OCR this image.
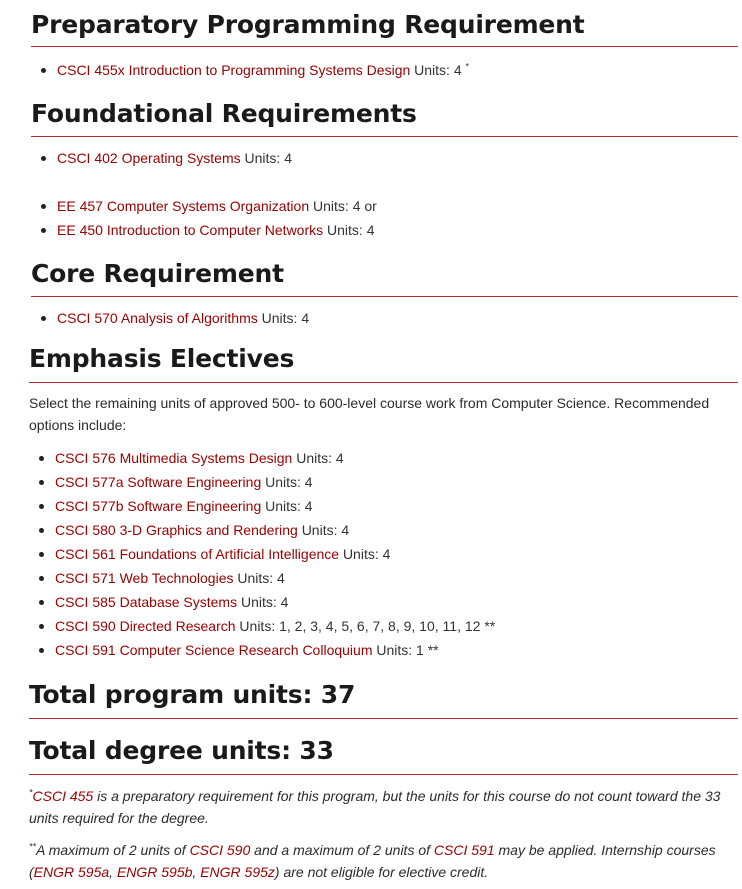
Preparatory Programming Requirement
CSCI 455x Introduction to Programming Systems Design Units: 4 *
Foundational Requirements
CSCI 402 Operating Systems Units: 4
EE 457 Computer Systems Organization Units: 4 or
EE 450 Introduction to Computer Networks Units: 4
Core Requirement
CSCI 570 Analysis of Algorithms Units: 4
Emphasis Electives

Select the remaining units of approved 500- to 600-level course work from Computer Science. Recommended options include:

CSCI 576 Multimedia Systems Design Units: 4
CSCI 577a Software Engineering Units: 4
CSCI 577b Software Engineering Units: 4
CSCI 580 3-D Graphics and Rendering Units: 4
CSCI 561 Foundations of Artificial Intelligence Units: 4
CSCI 571 Web Technologies Units: 4
CSCI 585 Database Systems Units: 4
CSCI 590 Directed Research Units: 1, 2, 3, 4, 5, 6, 7, 8, 9, 10, 11, 12 **
CSCI 591 Computer Science Research Colloquium Units: 1 **
Total program units: 37
Total degree units: 33

*CSCI 455 is a preparatory requirement for this program, but the units for this course do not count toward the 33 units required for the degree.

**A maximum of 2 units of CSCI 590 and a maximum of 2 units of CSCI 591 may be applied. Internship courses (ENGR 595a, ENGR 595b, ENGR 595z) are not eligible for elective credit.
